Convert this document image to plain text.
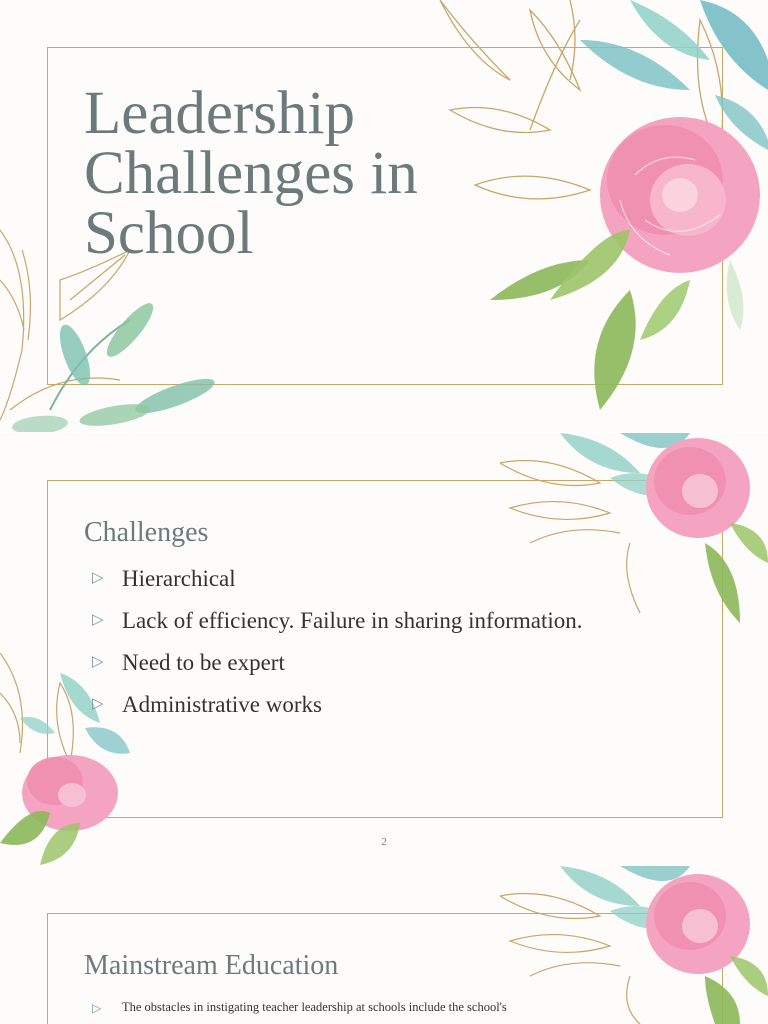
Leadership
Challenges in
School
Challenges
▷ Hierarchical
▷ Lack of efficiency. Failure in sharing information.
▷ Need to be expert
▷ Administrative works
2
Mainstream Education
▷ The obstacles in instigating teacher leadership at schools include the school's
